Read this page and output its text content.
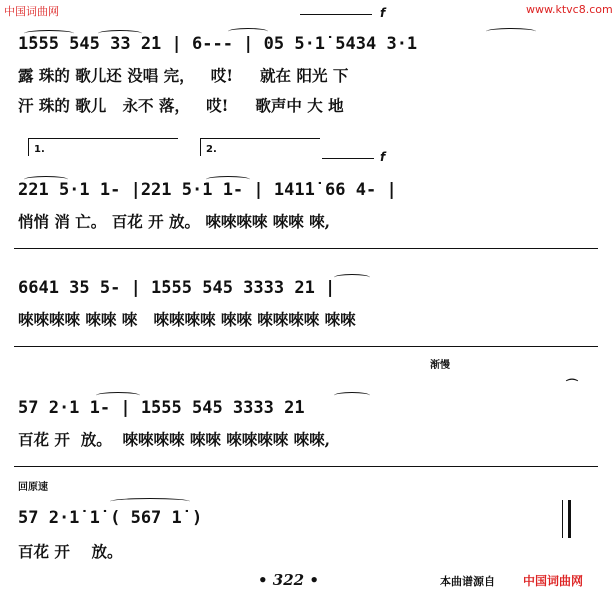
中国词曲网	www.ktvc8.com
f
1̇555 545 33 2̇1 | 6--- | 05 5·1̇ 5434 3·1
露 珠的 歌儿还 没唱 完，   哎!     就在 阳光 下
汗 珠的 歌儿   永不 落，   哎!     歌声中 大 地
1.	2.
f
221 5·1 1- |221 5·1 1- | 141̇1̇ 66 4- |
悄悄 消 亡。 百花 开 放。 唻唻唻唻 唻唻 唻,
6641 35 5- | 1̇555 545 3333 21 |
唻唻唻唻 唻唻 唻   唻唻唻唻 唻唻 唻唻唻唻 唻唻
渐慢
57 2·1 1- | 1̇555 545 3333 2̇1
百花 开  放。  唻唻唻唻 唻唻 唻唻唻唻 唻唻,
⌒
回原速
57 2·1̇ 1̇ ( 567 1̇ )
百花 开    放。
• 322 •	本曲谱源自 中国词曲网
